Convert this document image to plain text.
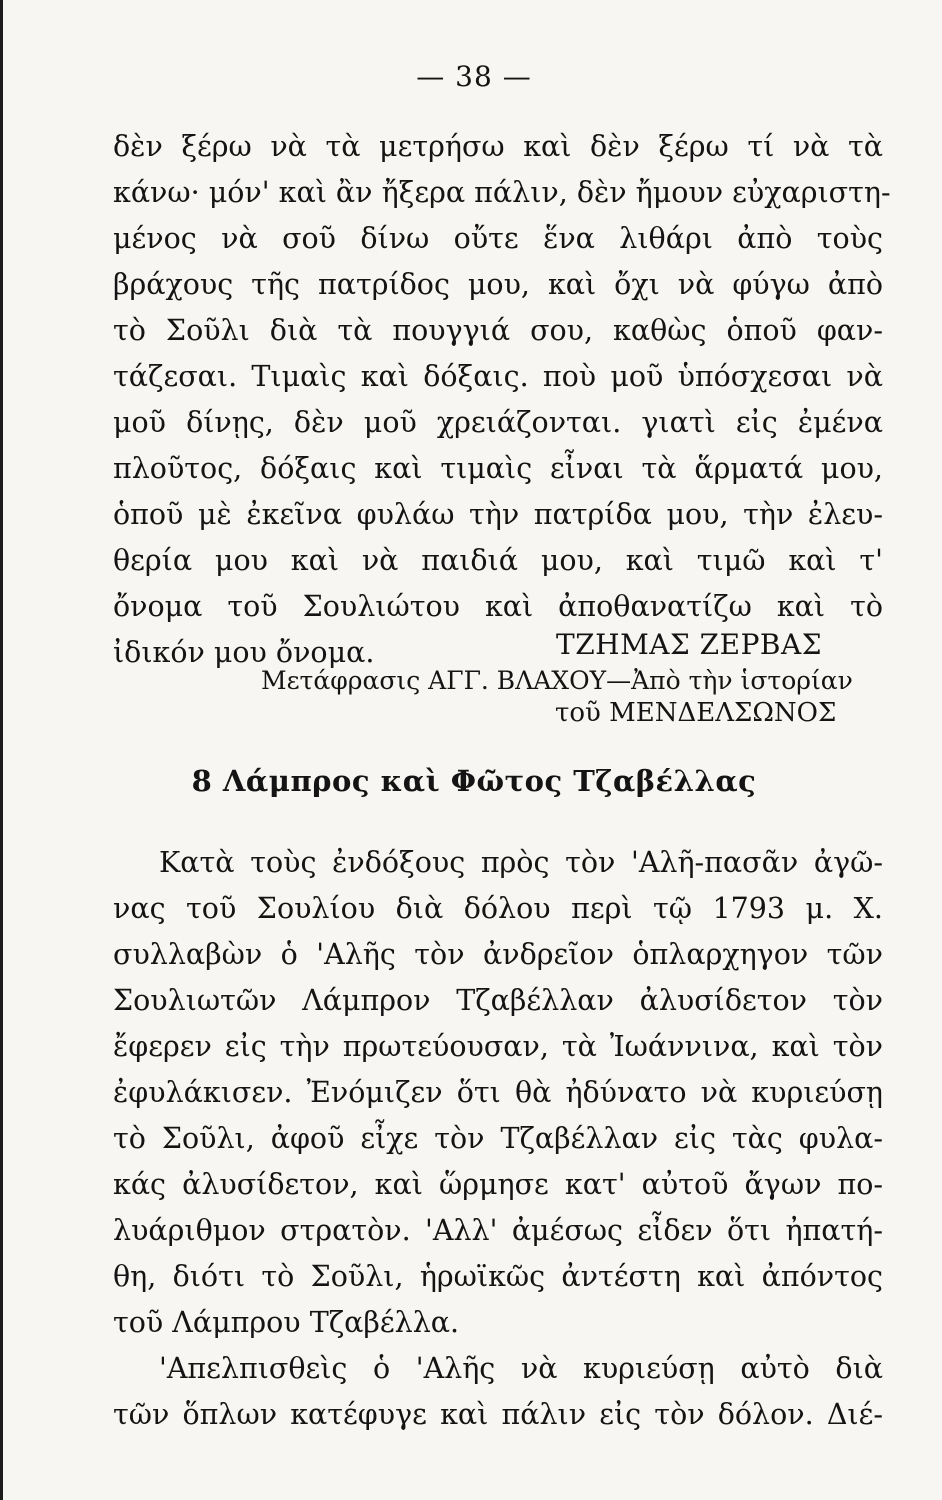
— 38 —
δὲν ξέρω νὰ τὰ μετρήσω καὶ δὲν ξέρω τί νὰ τὰ
κάνω· μόν' καὶ ἂν ἤξερα πάλιν, δὲν ἤμουν εὐχαριστη-
μένος νὰ σοῦ δίνω οὔτε ἕνα λιθάρι ἀπὸ τοὺς
βράχους τῆς πατρίδος μου, καὶ ὄχι νὰ φύγω ἀπὸ
τὸ Σοῦλι διὰ τὰ πουγγιά σου, καθὼς ὁποῦ φαν-
τάζεσαι. Τιμαὶς καὶ δόξαις. ποὺ μοῦ ὑπόσχεσαι νὰ
μοῦ δίνῃς, δὲν μοῦ χρειάζονται. γιατὶ εἰς ἐμένα
πλοῦτος, δόξαις καὶ τιμαὶς εἶναι τὰ ἅρματά μου,
ὁποῦ μὲ ἐκεῖνα φυλάω τὴν πατρίδα μου, τὴν ἐλευ-
θερία μου καὶ νὰ παιδιά μου, καὶ τιμῶ καὶ τ'
ὄνομα τοῦ Σουλιώτου καὶ ἀποθανατίζω καὶ τὸ
ἰδικόν μου ὄνομα.	ΤΖΗΜΑΣ ΖΕΡΒΑΣ
Μετάφρασις ΑΓΓ. ΒΛΑΧΟΥ—Ἀπὸ τὴν ἱστορίαν
τοῦ ΜΕΝΔΕΛΣΩΝΟΣ
8 Λάμπρος καὶ Φῶτος Τζαβέλλας
Κατὰ τοὺς ἐνδόξους πρὸς τὸν 'Αλῆ-πασᾶν ἀγῶ-
νας τοῦ Σουλίου διὰ δόλου περὶ τῷ 1793 μ. Χ.
συλλαβὼν ὁ 'Αλῆς τὸν ἀνδρεῖον ὁπλαρχηγον τῶν
Σουλιωτῶν Λάμπρον Τζαβέλλαν ἀλυσίδετον τὸν
ἔφερεν εἰς τὴν πρωτεύουσαν, τὰ Ἰωάννινα, καὶ τὸν
ἐφυλάκισεν. Ἐνόμιζεν ὅτι θὰ ἠδύνατο νὰ κυριεύσῃ
τὸ Σοῦλι, ἀφοῦ εἶχε τὸν Τζαβέλλαν εἰς τὰς φυλα-
κάς ἀλυσίδετον, καὶ ὥρμησε κατ' αὐτοῦ ἄγων πο-
λυάριθμον στρατὸν. 'Αλλ' ἀμέσως εἶδεν ὅτι ἠπατή-
θη, διότι τὸ Σοῦλι, ἡρωϊκῶς ἀντέστη καὶ ἀπόντος
τοῦ Λάμπρου Τζαβέλλα.
'Απελπισθεὶς ὁ 'Αλῆς νὰ κυριεύσῃ αὐτὸ διὰ
τῶν ὅπλων κατέφυγε καὶ πάλιν εἰς τὸν δόλον. Διέ-
